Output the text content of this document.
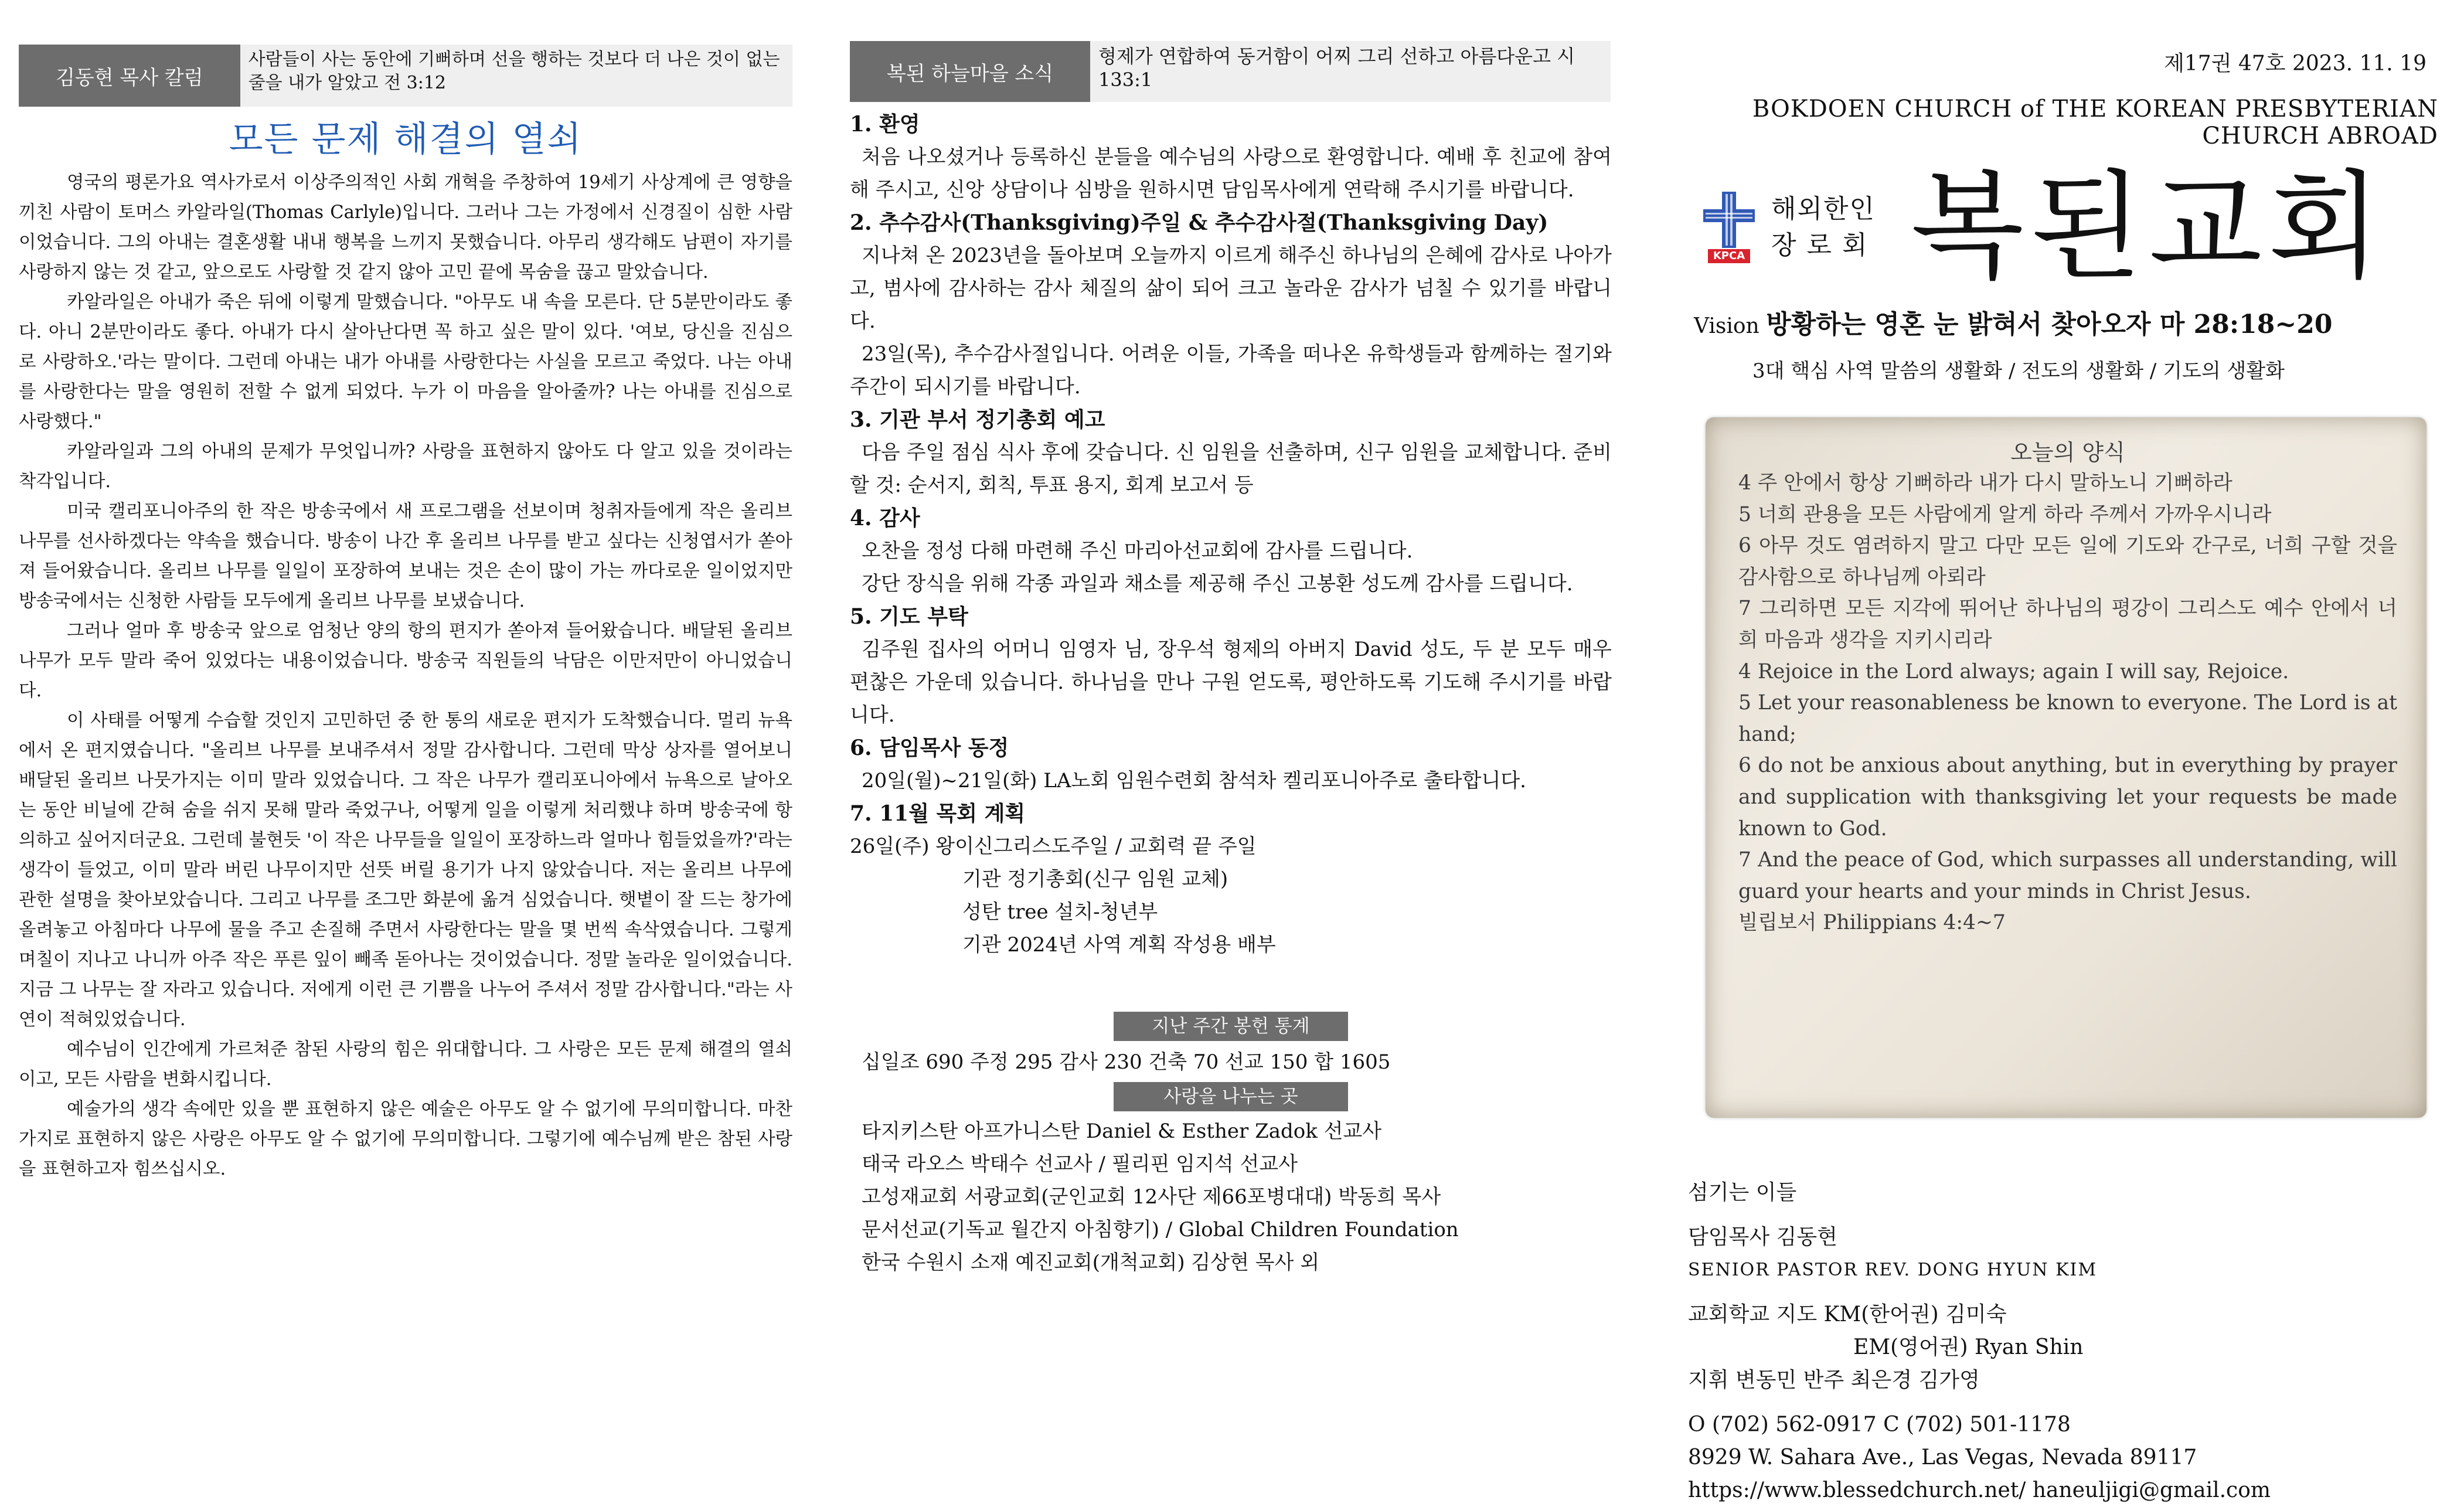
김동현 목사 칼럼
사람들이 사는 동안에 기뻐하며 선을 행하는 것보다 더 나은 것이 없는 줄을 내가 알았고 전 3:12
모든 문제 해결의 열쇠

영국의 평론가요 역사가로서 이상주의적인 사회 개혁을 주창하여 19세기 사상계에 큰 영향을 끼친 사람이 토머스 카알라일(Thomas Carlyle)입니다. 그러나 그는 가정에서 신경질이 심한 사람이었습니다. 그의 아내는 결혼생활 내내 행복을 느끼지 못했습니다. 아무리 생각해도 남편이 자기를 사랑하지 않는 것 같고, 앞으로도 사랑할 것 같지 않아 고민 끝에 목숨을 끊고 말았습니다.

카알라일은 아내가 죽은 뒤에 이렇게 말했습니다. "아무도 내 속을 모른다. 단 5분만이라도 좋다. 아니 2분만이라도 좋다. 아내가 다시 살아난다면 꼭 하고 싶은 말이 있다. '여보, 당신을 진심으로 사랑하오.'라는 말이다. 그런데 아내는 내가 아내를 사랑한다는 사실을 모르고 죽었다. 나는 아내를 사랑한다는 말을 영원히 전할 수 없게 되었다. 누가 이 마음을 알아줄까? 나는 아내를 진심으로 사랑했다."

카알라일과 그의 아내의 문제가 무엇입니까? 사랑을 표현하지 않아도 다 알고 있을 것이라는 착각입니다.

미국 캘리포니아주의 한 작은 방송국에서 새 프로그램을 선보이며 청취자들에게 작은 올리브 나무를 선사하겠다는 약속을 했습니다. 방송이 나간 후 올리브 나무를 받고 싶다는 신청엽서가 쏟아져 들어왔습니다. 올리브 나무를 일일이 포장하여 보내는 것은 손이 많이 가는 까다로운 일이었지만 방송국에서는 신청한 사람들 모두에게 올리브 나무를 보냈습니다.

그러나 얼마 후 방송국 앞으로 엄청난 양의 항의 편지가 쏟아져 들어왔습니다. 배달된 올리브 나무가 모두 말라 죽어 있었다는 내용이었습니다. 방송국 직원들의 낙담은 이만저만이 아니었습니다.

이 사태를 어떻게 수습할 것인지 고민하던 중 한 통의 새로운 편지가 도착했습니다. 멀리 뉴욕에서 온 편지였습니다. "올리브 나무를 보내주셔서 정말 감사합니다. 그런데 막상 상자를 열어보니 배달된 올리브 나뭇가지는 이미 말라 있었습니다. 그 작은 나무가 캘리포니아에서 뉴욕으로 날아오는 동안 비닐에 갇혀 숨을 쉬지 못해 말라 죽었구나, 어떻게 일을 이렇게 처리했냐 하며 방송국에 항의하고 싶어지더군요. 그런데 불현듯 '이 작은 나무들을 일일이 포장하느라 얼마나 힘들었을까?'라는 생각이 들었고, 이미 말라 버린 나무이지만 선뜻 버릴 용기가 나지 않았습니다. 저는 올리브 나무에 관한 설명을 찾아보았습니다. 그리고 나무를 조그만 화분에 옮겨 심었습니다. 햇볕이 잘 드는 창가에 올려놓고 아침마다 나무에 물을 주고 손질해 주면서 사랑한다는 말을 몇 번씩 속삭였습니다. 그렇게 며칠이 지나고 나니까 아주 작은 푸른 잎이 빼족 돋아나는 것이었습니다. 정말 놀라운 일이었습니다. 지금 그 나무는 잘 자라고 있습니다. 저에게 이런 큰 기쁨을 나누어 주셔서 정말 감사합니다."라는 사연이 적혀있었습니다.

예수님이 인간에게 가르쳐준 참된 사랑의 힘은 위대합니다. 그 사랑은 모든 문제 해결의 열쇠이고, 모든 사람을 변화시킵니다.

예술가의 생각 속에만 있을 뿐 표현하지 않은 예술은 아무도 알 수 없기에 무의미합니다. 마찬가지로 표현하지 않은 사랑은 아무도 알 수 없기에 무의미합니다. 그렇기에 예수님께 받은 참된 사랑을 표현하고자 힘쓰십시오.

복된 하늘마을 소식
형제가 연합하여 동거함이 어찌 그리 선하고 아름다운고 시 133:1
1. 환영

처음 나오셨거나 등록하신 분들을 예수님의 사랑으로 환영합니다. 예배 후 친교에 참여해 주시고, 신앙 상담이나 심방을 원하시면 담임목사에게 연락해 주시기를 바랍니다.

2. 추수감사(Thanksgiving)주일 & 추수감사절(Thanksgiving Day)

지나쳐 온 2023년을 돌아보며 오늘까지 이르게 해주신 하나님의 은혜에 감사로 나아가고, 범사에 감사하는 감사 체질의 삶이 되어 크고 놀라운 감사가 넘칠 수 있기를 바랍니다.

23일(목), 추수감사절입니다. 어려운 이들, 가족을 떠나온 유학생들과 함께하는 절기와 주간이 되시기를 바랍니다.

3. 기관 부서 정기총회 예고

다음 주일 점심 식사 후에 갖습니다. 신 임원을 선출하며, 신구 임원을 교체합니다. 준비할 것: 순서지, 회칙, 투표 용지, 회계 보고서 등

4. 감사

오찬을 정성 다해 마련해 주신 마리아선교회에 감사를 드립니다.

강단 장식을 위해 각종 과일과 채소를 제공해 주신 고봉환 성도께 감사를 드립니다.

5. 기도 부탁

김주원 집사의 어머니 임영자 님, 장우석 형제의 아버지 David 성도, 두 분 모두 매우 편찮은 가운데 있습니다. 하나님을 만나 구원 얻도록, 평안하도록 기도해 주시기를 바랍니다.

6. 담임목사 동정

20일(월)~21일(화) LA노회 임원수련회 참석차 켈리포니아주로 출타합니다.

7. 11월 목회 계획
26일(주) 왕이신그리스도주일 / 교회력 끝 주일
기관 정기총회(신구 임원 교체)
성탄 tree 설치-청년부
기관 2024년 사역 계획 작성용 배부
지난 주간 봉헌 통계

십일조 690 주정 295 감사 230 건축 70 선교 150 합 1605

사랑을 나누는 곳

타지키스탄 아프가니스탄 Daniel & Esther Zadok 선교사

태국 라오스 박태수 선교사 / 필리핀 임지석 선교사

고성재교회 서광교회(군인교회 12사단 제66포병대대) 박동희 목사

문서선교(기독교 월간지 아침향기) / Global Children Foundation

한국 수원시 소재 예진교회(개척교회) 김상현 목사 외

제17권 47호 2023. 11. 19
BOKDOEN CHURCH of THE KOREAN PRESBYTERIAN CHURCH ABROAD
KPCA
해외한인
장 로 회 복된교회
Vision 방황하는 영혼 눈 밝혀서 찾아오자 마 28:18~20
3대 핵심 사역 말씀의 생활화 / 전도의 생활화 / 기도의 생활화
오늘의 양식

4 주 안에서 항상 기뻐하라 내가 다시 말하노니 기뻐하라

5 너희 관용을 모든 사람에게 알게 하라 주께서 가까우시니라

6 아무 것도 염려하지 말고 다만 모든 일에 기도와 간구로, 너희 구할 것을 감사함으로 하나님께 아뢰라

7 그리하면 모든 지각에 뛰어난 하나님의 평강이 그리스도 예수 안에서 너희 마음과 생각을 지키시리라

4 Rejoice in the Lord always; again I will say, Rejoice.

5 Let your reasonableness be known to everyone. The Lord is at hand;

6 do not be anxious about anything, but in everything by prayer and supplication with thanksgiving let your requests be made known to God.

7 And the peace of God, which surpasses all understanding, will guard your hearts and your minds in Christ Jesus.

빌립보서 Philippians 4:4~7

섬기는 이들

담임목사 김동현

SENIOR PASTOR REV. DONG HYUN KIM

교회학교 지도 KM(한어권) 김미숙

EM(영어권) Ryan Shin

지휘 변동민 반주 최은경 김가영

O (702) 562-0917 C (702) 501-1178

8929 W. Sahara Ave., Las Vegas, Nevada 89117

https://www.blessedchurch.net/ haneuljigi@gmail.com
